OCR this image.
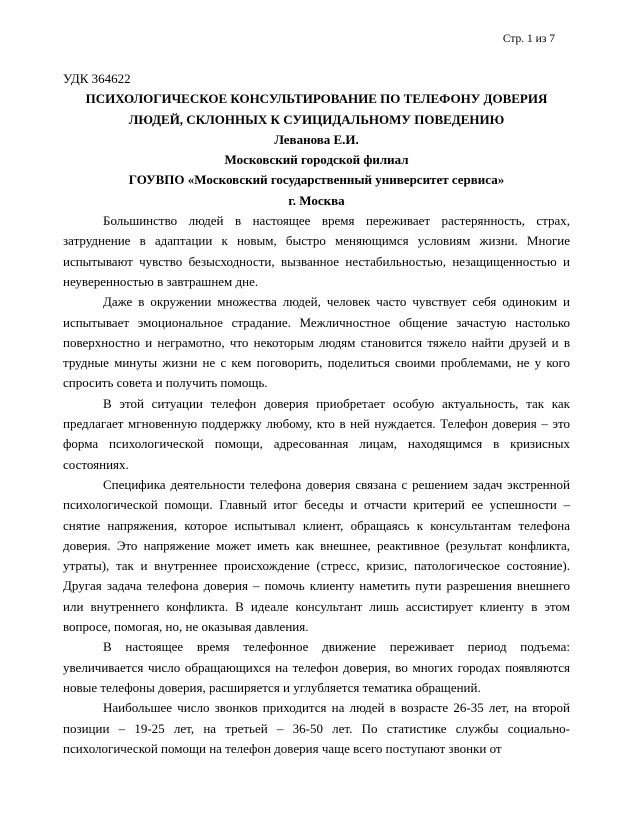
Стр. 1 из 7

УДК 364622

ПСИХОЛОГИЧЕСКОЕ КОНСУЛЬТИРОВАНИЕ ПО ТЕЛЕФОНУ ДОВЕРИЯ

ЛЮДЕЙ, СКЛОННЫХ К СУИЦИДАЛЬНОМУ ПОВЕДЕНИЮ

Леванова Е.И.

Московский городской филиал

ГОУВПО «Московский государственный университет сервиса»

г. Москва

Большинство людей в настоящее время переживает растерянность, страх, затруднение в адаптации к новым, быстро меняющимся условиям жизни. Многие испытывают чувство безысходности, вызванное нестабильностью, незащищенностью и неуверенностью в завтрашнем дне.

Даже в окружении множества людей, человек часто чувствует себя одиноким и испытывает эмоциональное страдание. Межличностное общение зачастую настолько поверхностно и неграмотно, что некоторым людям становится тяжело найти друзей и в трудные минуты жизни не с кем поговорить, поделиться своими проблемами, не у кого спросить совета и получить помощь.

В этой ситуации телефон доверия приобретает особую актуальность, так как предлагает мгновенную поддержку любому, кто в ней нуждается. Телефон доверия – это форма психологической помощи, адресованная лицам, находящимся в кризисных состояниях.

Специфика деятельности телефона доверия связана с решением задач экстренной психологической помощи. Главный итог беседы и отчасти критерий ее успешности – снятие напряжения, которое испытывал клиент, обращаясь к консультантам телефона доверия. Это напряжение может иметь как внешнее, реактивное (результат конфликта, утраты), так и внутреннее происхождение (стресс, кризис, патологическое состояние). Другая задача телефона доверия – помочь клиенту наметить пути разрешения внешнего или внутреннего конфликта. В идеале консультант лишь ассистирует клиенту в этом вопросе, помогая, но, не оказывая давления.

В настоящее время телефонное движение переживает период подъема: увеличивается число обращающихся на телефон доверия, во многих городах появляются новые телефоны доверия, расширяется и углубляется тематика обращений.

Наибольшее число звонков приходится на людей в возрасте 26-35 лет, на второй позиции – 19-25 лет, на третьей – 36-50 лет. По статистике службы социально-психологической помощи на телефон доверия чаще всего поступают звонки от
